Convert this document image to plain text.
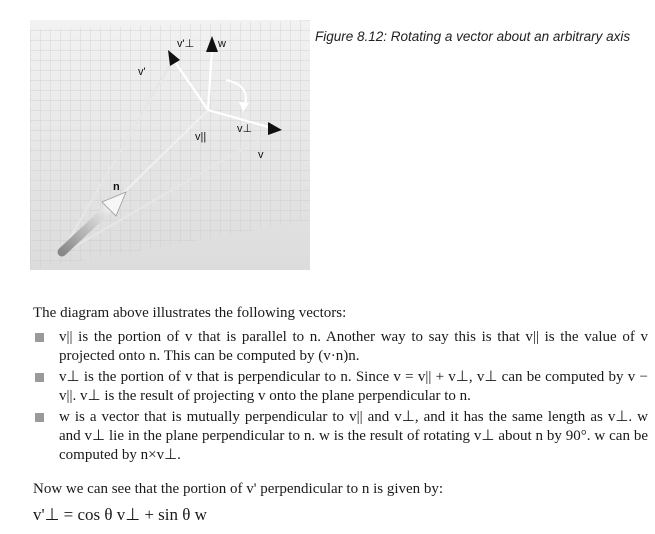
v'⊥ w
v'
v||
v⊥
v
n
Figure 8.12: Rotating a vector about an arbitrary axis
The diagram above illustrates the following vectors:
v|| is the portion of v that is parallel to n. Another way to say this is that v|| is the value of v projected onto n. This can be computed by (v·n)n.
v⊥ is the portion of v that is perpendicular to n. Since v = v|| + v⊥, v⊥ can be computed by v − v||. v⊥ is the result of projecting v onto the plane perpendicular to n.
w is a vector that is mutually perpendicular to v|| and v⊥, and it has the same length as v⊥. w and v⊥ lie in the plane perpendicular to n. w is the result of rotating v⊥ about n by 90°. w can be computed by n×v⊥.
Now we can see that the portion of v' perpendicular to n is given by:
v'⊥ = cos θ v⊥ + sin θ w
